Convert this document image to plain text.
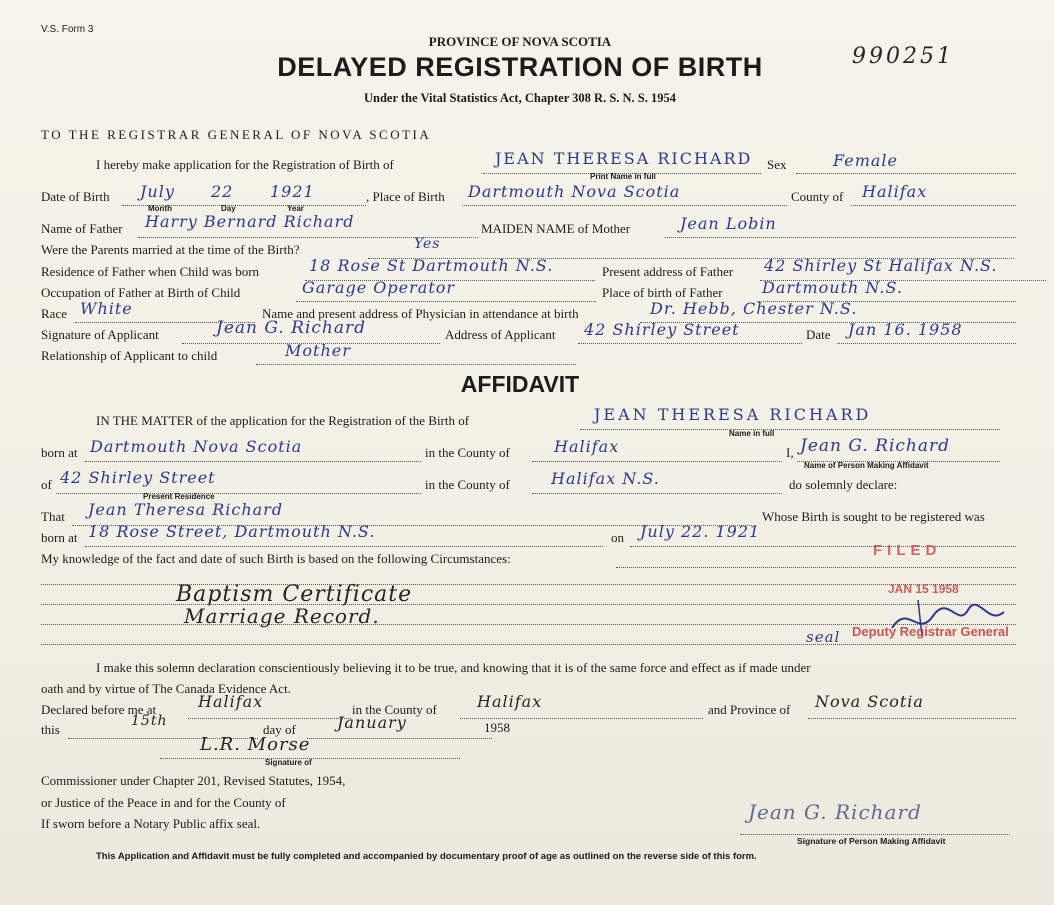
V.S. Form 3
PROVINCE OF NOVA SCOTIA
DELAYED REGISTRATION OF BIRTH
Under the Vital Statistics Act, Chapter 308 R. S. N. S. 1954
990251
TO THE REGISTRAR GENERAL OF NOVA SCOTIA
I hereby make application for the Registration of Birth of	JEAN THERESA RICHARD
Print Name in full
Sex	Female
Date of Birth July 22 1921
Month	Day	Year
, Place of Birth Dartmouth Nova Scotia	County of Halifax
Name of Father Harry Bernard Richard	MAIDEN NAME of Mother	Jean Lobin
Were the Parents married at the time of the Birth?	Yes
Residence of Father when Child was born	18 Rose St Dartmouth N.S.	Present address of Father 42 Shirley St Halifax N.S.
Occupation of Father at Birth of Child	Garage Operator	Place of birth of Father Dartmouth N.S.
Race White	Name and present address of Physician in attendance at birth	Dr. Hebb, Chester N.S.
Signature of Applicant	Jean G. Richard	Address of Applicant 42 Shirley Street	Date Jan 16. 1958
Relationship of Applicant to child	Mother
AFFIDAVIT
IN THE MATTER of the application for the Registration of the Birth of	JEAN THERESA RICHARD
Name in full
born at Dartmouth Nova Scotia	in the County of	Halifax	I, Jean G. Richard
Name of Person Making Affidavit
of 42 Shirley Street
Present Residence
in the County of	Halifax N.S.	do solemnly declare:
That Jean Theresa Richard	Whose Birth is sought to be registered was
born at 18 Rose Street, Dartmouth N.S.	on July 22. 1921
My knowledge of the fact and date of such Birth is based on the following Circumstances:
Baptism Certificate
Marriage Record.
FILED
JAN 15 1958
seal Deputy Registrar General
I make this solemn declaration conscientiously believing it to be true, and knowing that it is of the same force and effect as if made under
oath and by virtue of The Canada Evidence Act.
Declared before me at	Halifax	in the County of	Halifax	and Province of Nova Scotia
this
15th
day of	January	1958
L.R. Morse
Signature of
Commissioner under Chapter 201, Revised Statutes, 1954,
or Justice of the Peace in and for the County of
If sworn before a Notary Public affix seal.	Jean G. Richard
Signature of Person Making Affidavit
This Application and Affidavit must be fully completed and accompanied by documentary proof of age as outlined on the reverse side of this form.
